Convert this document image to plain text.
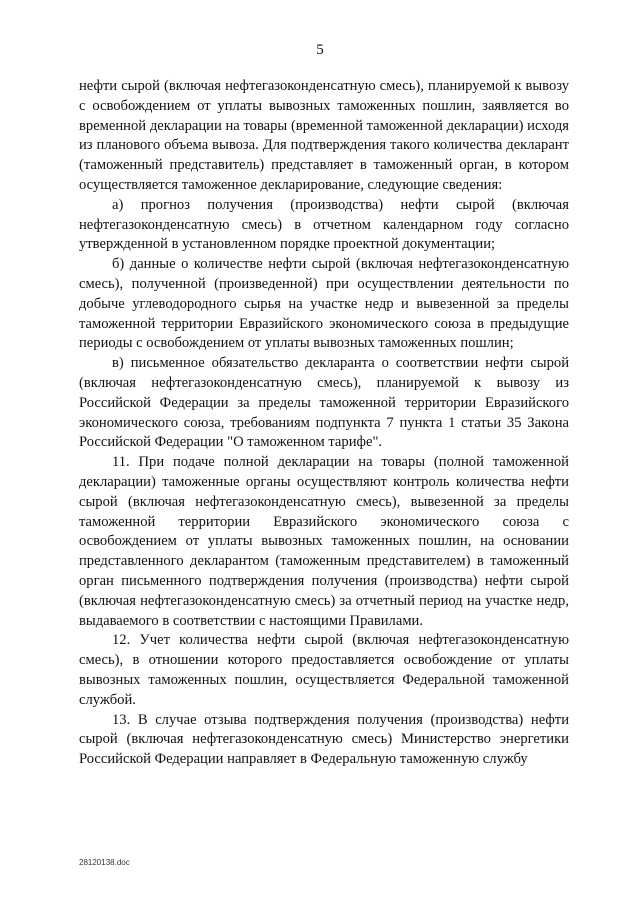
5

нефти сырой (включая нефтегазоконденсатную смесь), планируемой к вывозу с освобождением от уплаты вывозных таможенных пошлин, заявляется во временной декларации на товары (временной таможенной декларации) исходя из планового объема вывоза. Для подтверждения такого количества декларант (таможенный представитель) представляет в таможенный орган, в котором осуществляется таможенное декларирование, следующие сведения:

а) прогноз получения (производства) нефти сырой (включая нефтегазоконденсатную смесь) в отчетном календарном году согласно утвержденной в установленном порядке проектной документации;

б) данные о количестве нефти сырой (включая нефтегазоконденсатную смесь), полученной (произведенной) при осуществлении деятельности по добыче углеводородного сырья на участке недр и вывезенной за пределы таможенной территории Евразийского экономического союза в предыдущие периоды с освобождением от уплаты вывозных таможенных пошлин;

в) письменное обязательство декларанта о соответствии нефти сырой (включая нефтегазоконденсатную смесь), планируемой к вывозу из Российской Федерации за пределы таможенной территории Евразийского экономического союза, требованиям подпункта 7 пункта 1 статьи 35 Закона Российской Федерации "О таможенном тарифе".

11. При подаче полной декларации на товары (полной таможенной декларации) таможенные органы осуществляют контроль количества нефти сырой (включая нефтегазоконденсатную смесь), вывезенной за пределы таможенной территории Евразийского экономического союза с освобождением от уплаты вывозных таможенных пошлин, на основании представленного декларантом (таможенным представителем) в таможенный орган письменного подтверждения получения (производства) нефти сырой (включая нефтегазоконденсатную смесь) за отчетный период на участке недр, выдаваемого в соответствии с настоящими Правилами.

12. Учет количества нефти сырой (включая нефтегазоконденсатную смесь), в отношении которого предоставляется освобождение от уплаты вывозных таможенных пошлин, осуществляется Федеральной таможенной службой.

13. В случае отзыва подтверждения получения (производства) нефти сырой (включая нефтегазоконденсатную смесь) Министерство энергетики Российской Федерации направляет в Федеральную таможенную службу

28120138.doc
